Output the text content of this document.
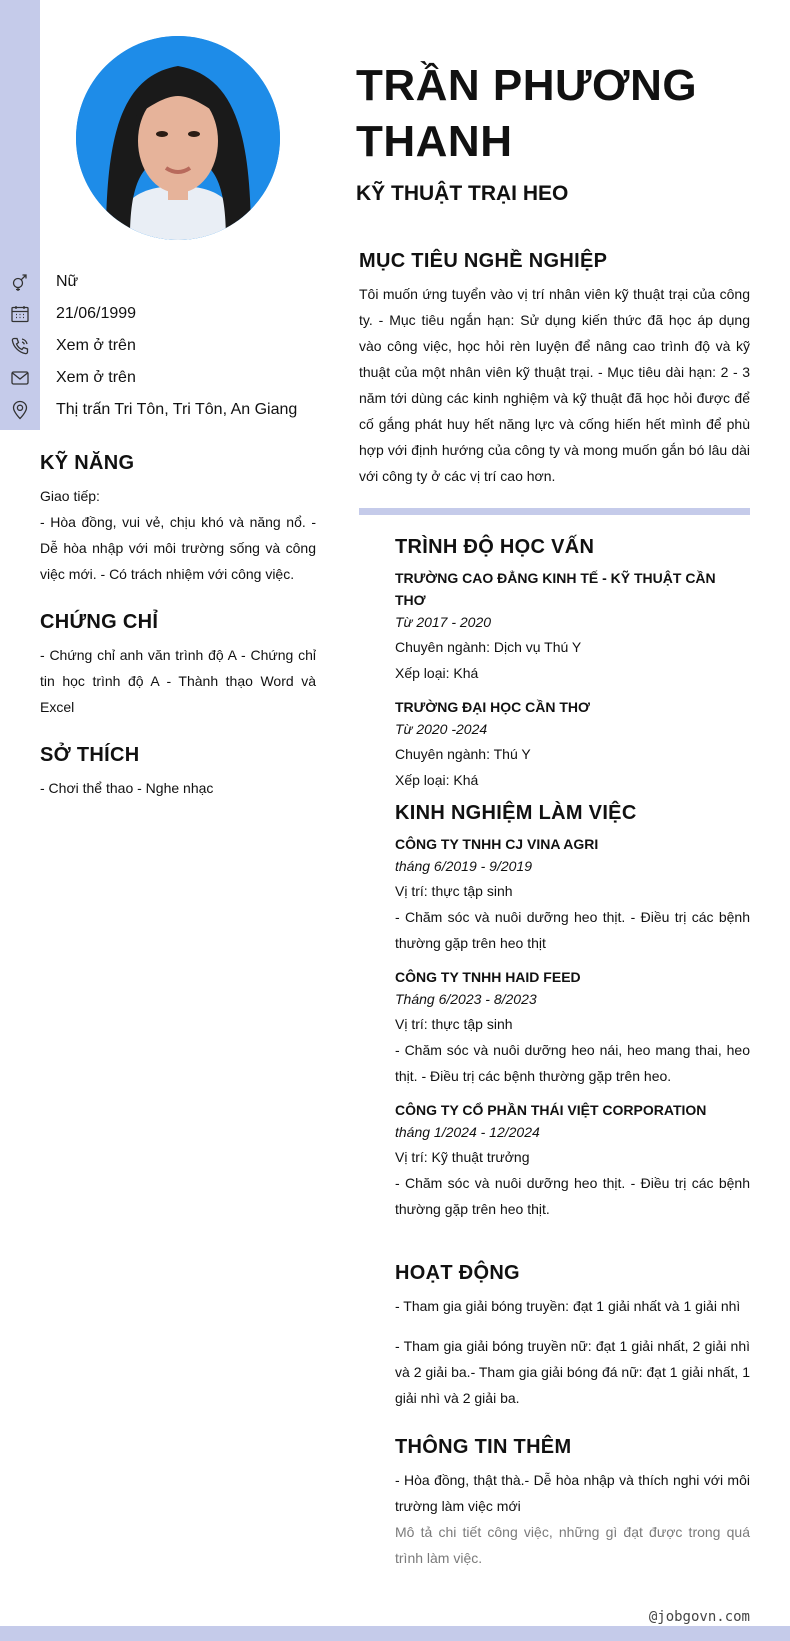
TRẦN PHƯƠNG THANH
KỸ THUẬT TRẠI HEO
Nữ
21/06/1999
Xem ở trên
Xem ở trên
Thị trấn Tri Tôn, Tri Tôn, An Giang
KỸ NĂNG

Giao tiếp:

- Hòa đồng, vui vẻ, chịu khó và năng nổ. - Dễ hòa nhập với môi trường sống và công việc mới. - Có trách nhiệm với công việc.

CHỨNG CHỈ

- Chứng chỉ anh văn trình độ A - Chứng chỉ tin học trình độ A - Thành thạo Word và Excel

SỞ THÍCH

- Chơi thể thao - Nghe nhạc

MỤC TIÊU NGHỀ NGHIỆP

Tôi muốn ứng tuyển vào vị trí nhân viên kỹ thuật trại của công ty. - Mục tiêu ngắn hạn: Sử dụng kiến thức đã học áp dụng vào công việc, học hỏi rèn luyện để nâng cao trình độ và kỹ thuật của một nhân viên kỹ thuật trại. - Mục tiêu dài hạn: 2 - 3 năm tới dùng các kinh nghiệm và kỹ thuật đã học hỏi được để cố gắng phát huy hết năng lực và cống hiến hết mình để phù hợp với định hướng của công ty và mong muốn gắn bó lâu dài với công ty ở các vị trí cao hơn.

TRÌNH ĐỘ HỌC VẤN

TRƯỜNG CAO ĐẲNG KINH TẾ - KỸ THUẬT CẦN THƠ

Từ 2017 - 2020

Chuyên ngành: Dịch vụ Thú Y

Xếp loại: Khá

TRƯỜNG ĐẠI HỌC CẦN THƠ

Từ 2020 -2024

Chuyên ngành: Thú Y

Xếp loại: Khá

KINH NGHIỆM LÀM VIỆC

CÔNG TY TNHH CJ VINA AGRI

tháng 6/2019 - 9/2019

Vị trí: thực tập sinh

- Chăm sóc và nuôi dưỡng heo thịt. - Điều trị các bệnh thường gặp trên heo thịt

CÔNG TY TNHH HAID FEED

Tháng 6/2023 - 8/2023

Vị trí: thực tập sinh

- Chăm sóc và nuôi dưỡng heo nái, heo mang thai, heo thịt. - Điều trị các bệnh thường gặp trên heo.

CÔNG TY CỔ PHẦN THÁI VIỆT CORPORATION

tháng 1/2024 - 12/2024

Vị trí: Kỹ thuật trưởng

- Chăm sóc và nuôi dưỡng heo thịt. - Điều trị các bệnh thường gặp trên heo thịt.

HOẠT ĐỘNG

- Tham gia giải bóng truyền: đạt 1 giải nhất và 1 giải nhì

- Tham gia giải bóng truyền nữ: đạt 1 giải nhất, 2 giải nhì và 2 giải ba.- Tham gia giải bóng đá nữ: đạt 1 giải nhất, 1 giải nhì và 2 giải ba.

THÔNG TIN THÊM

- Hòa đồng, thật thà.- Dễ hòa nhập và thích nghi với môi trường làm việc mới

Mô tả chi tiết công việc, những gì đạt được trong quá trình làm việc.

@jobgovn.com
